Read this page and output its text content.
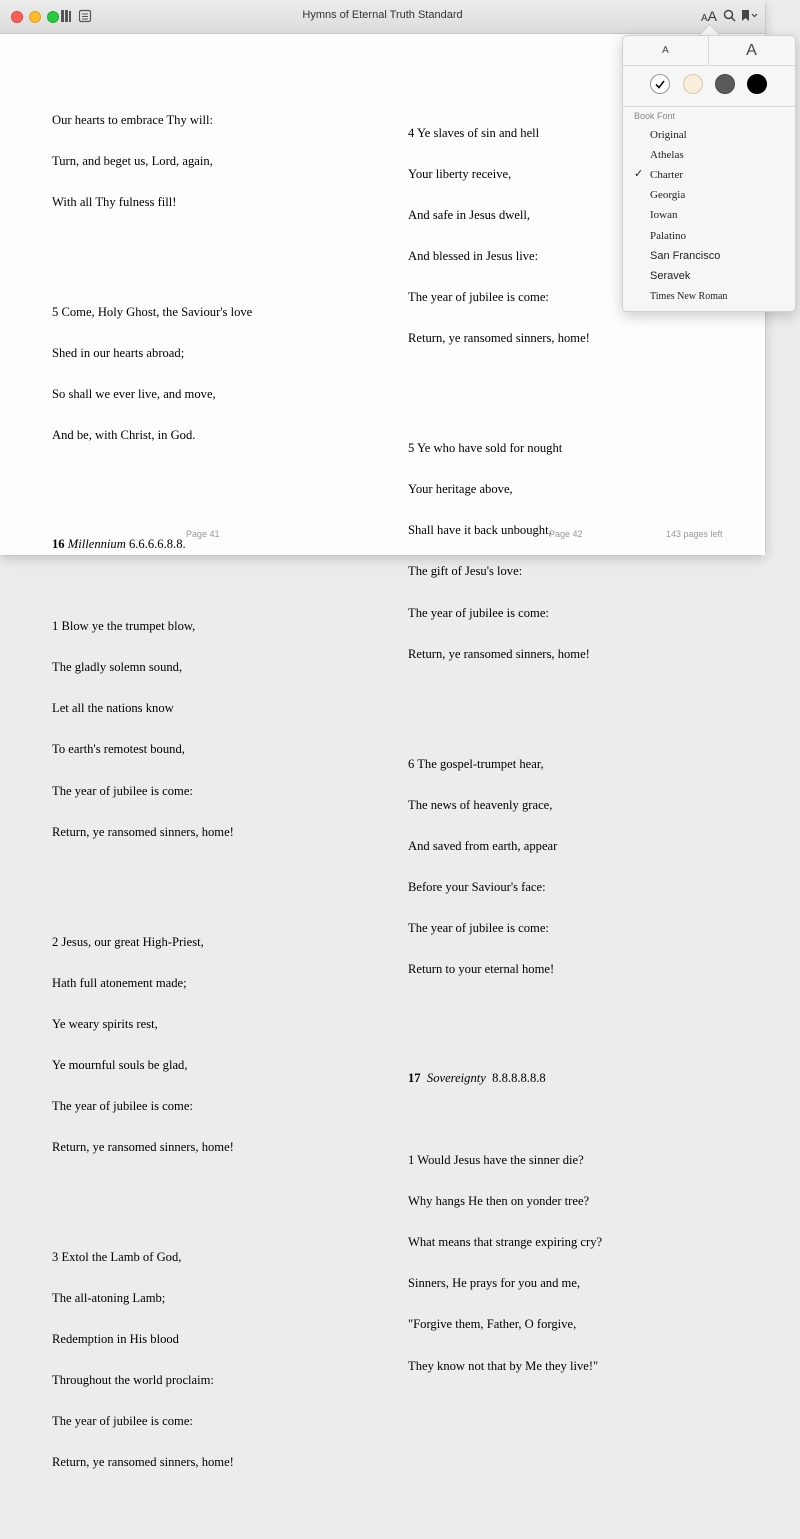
Hymns of Eternal Truth Standard	AA

Our hearts to embrace Thy will:

Turn, and beget us, Lord, again,

With all Thy fulness fill!

5 Come, Holy Ghost, the Saviour's love

Shed in our hearts abroad;

So shall we ever live, and move,

And be, with Christ, in God.

16 Millennium 6.6.6.6.8.8.

1 Blow ye the trumpet blow,

The gladly solemn sound,

Let all the nations know

To earth's remotest bound,

The year of jubilee is come:

Return, ye ransomed sinners, home!

2 Jesus, our great High-Priest,

Hath full atonement made;

Ye weary spirits rest,

Ye mournful souls be glad,

The year of jubilee is come:

Return, ye ransomed sinners, home!

3 Extol the Lamb of God,

The all-atoning Lamb;

Redemption in His blood

Throughout the world proclaim:

The year of jubilee is come:

Return, ye ransomed sinners, home!

4 Ye slaves of sin and hell

Your liberty receive,

And safe in Jesus dwell,

And blessed in Jesus live:

The year of jubilee is come:

Return, ye ransomed sinners, home!

5 Ye who have sold for nought

Your heritage above,

Shall have it back unbought,

The gift of Jesu's love:

The year of jubilee is come:

Return, ye ransomed sinners, home!

6 The gospel-trumpet hear,

The news of heavenly grace,

And saved from earth, appear

Before your Saviour's face:

The year of jubilee is come:

Return to your eternal home!

17 Sovereignty 8.8.8.8.8.8

1 Would Jesus have the sinner die?

Why hangs He then on yonder tree?

What means that strange expiring cry?

Sinners, He prays for you and me,

"Forgive them, Father, O forgive,

They know not that by Me they live!"

Page 41	Page 42	143 pages left
A	A
Book Font
✓
Original
Athelas
Charter
Georgia
Iowan
Palatino
San Francisco
Seravek
Times New Roman
